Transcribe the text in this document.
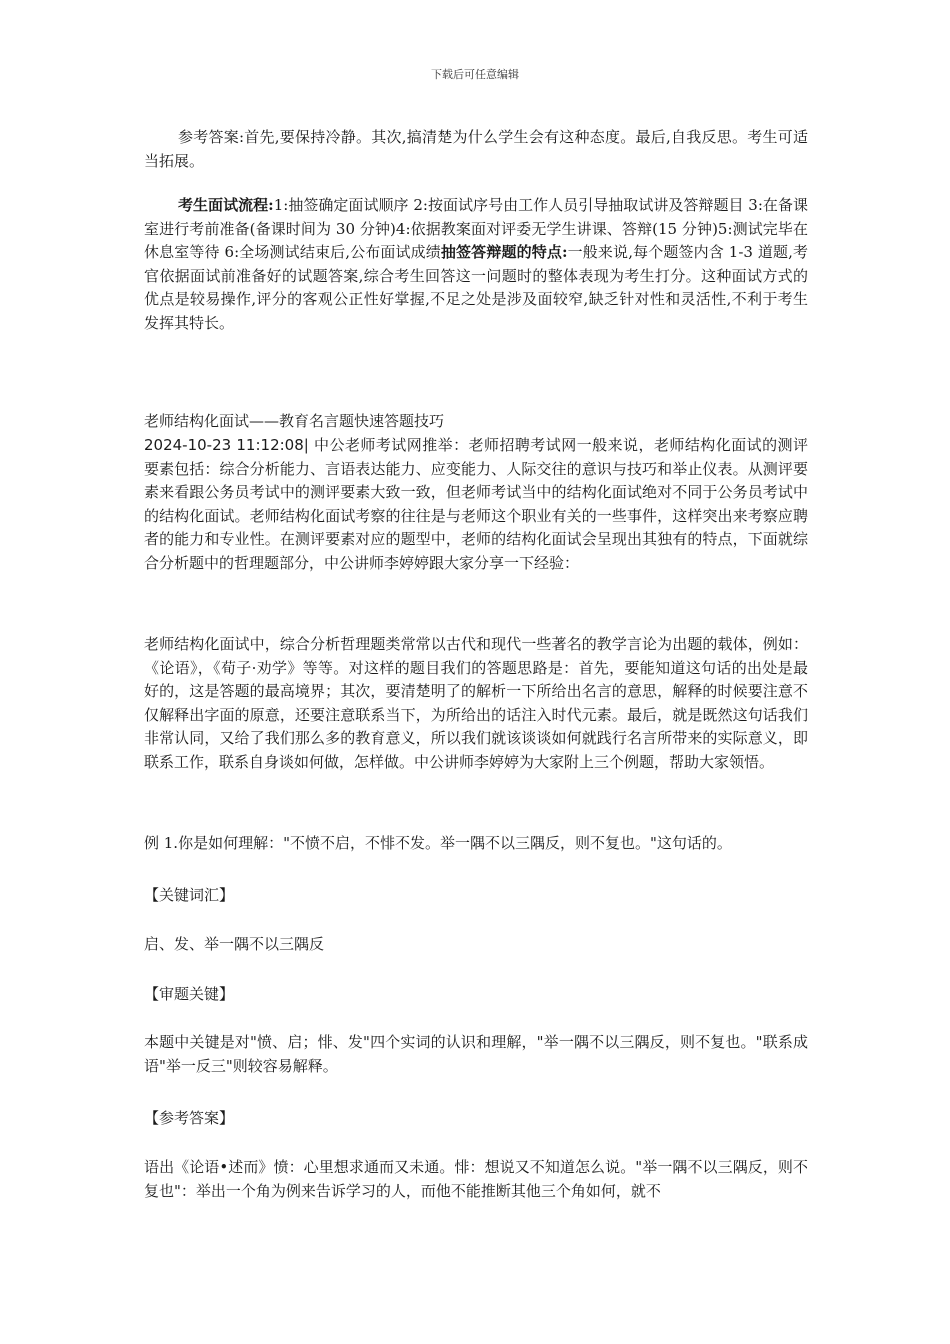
下载后可任意编辑

参考答案:首先,要保持冷静。其次,搞清楚为什么学生会有这种态度。最后,自我反思。考生可适当拓展。

考生面试流程:1:抽签确定面试顺序 2:按面试序号由工作人员引导抽取试讲及答辩题目 3:在备课室进行考前准备(备课时间为 30 分钟)4:依据教案面对评委无学生讲课、答辩(15 分钟)5:测试完毕在休息室等待 6:全场测试结束后,公布面试成绩抽签答辩题的特点:一般来说,每个题签内含 1-3 道题,考官依据面试前准备好的试题答案,综合考生回答这一问题时的整体表现为考生打分。这种面试方式的优点是较易操作,评分的客观公正性好掌握,不足之处是涉及面较窄,缺乏针对性和灵活性,不利于考生发挥其特长。

老师结构化面试——教育名言题快速答题技巧

2024-10-23 11:12:08| 中公老师考试网推举：老师招聘考试网一般来说，老师结构化面试的测评要素包括：综合分析能力、言语表达能力、应变能力、人际交往的意识与技巧和举止仪表。从测评要素来看跟公务员考试中的测评要素大致一致，但老师考试当中的结构化面试绝对不同于公务员考试中的结构化面试。老师结构化面试考察的往往是与老师这个职业有关的一些事件，这样突出来考察应聘者的能力和专业性。在测评要素对应的题型中，老师的结构化面试会呈现出其独有的特点，下面就综合分析题中的哲理题部分，中公讲师李婷婷跟大家分享一下经验：

老师结构化面试中，综合分析哲理题类常常以古代和现代一些著名的教学言论为出题的载体，例如：《论语》，《荀子·劝学》等等。对这样的题目我们的答题思路是：首先，要能知道这句话的出处是最好的，这是答题的最高境界；其次，要清楚明了的解析一下所给出名言的意思，解释的时候要注意不仅解释出字面的原意，还要注意联系当下，为所给出的话注入时代元素。最后，就是既然这句话我们非常认同，又给了我们那么多的教育意义，所以我们就该谈谈如何就践行名言所带来的实际意义，即联系工作，联系自身谈如何做，怎样做。中公讲师李婷婷为大家附上三个例题，帮助大家领悟。

例 1.你是如何理解："不愤不启，不悱不发。举一隅不以三隅反，则不复也。"这句话的。

【关键词汇】

启、发、举一隅不以三隅反

【审题关键】

本题中关键是对"愤、启；悱、发"四个实词的认识和理解，"举一隅不以三隅反，则不复也。"联系成语"举一反三"则较容易解释。

【参考答案】

语出《论语•述而》愤：心里想求通而又未通。悱：想说又不知道怎么说。"举一隅不以三隅反，则不复也"：举出一个角为例来告诉学习的人，而他不能推断其他三个角如何，就不
